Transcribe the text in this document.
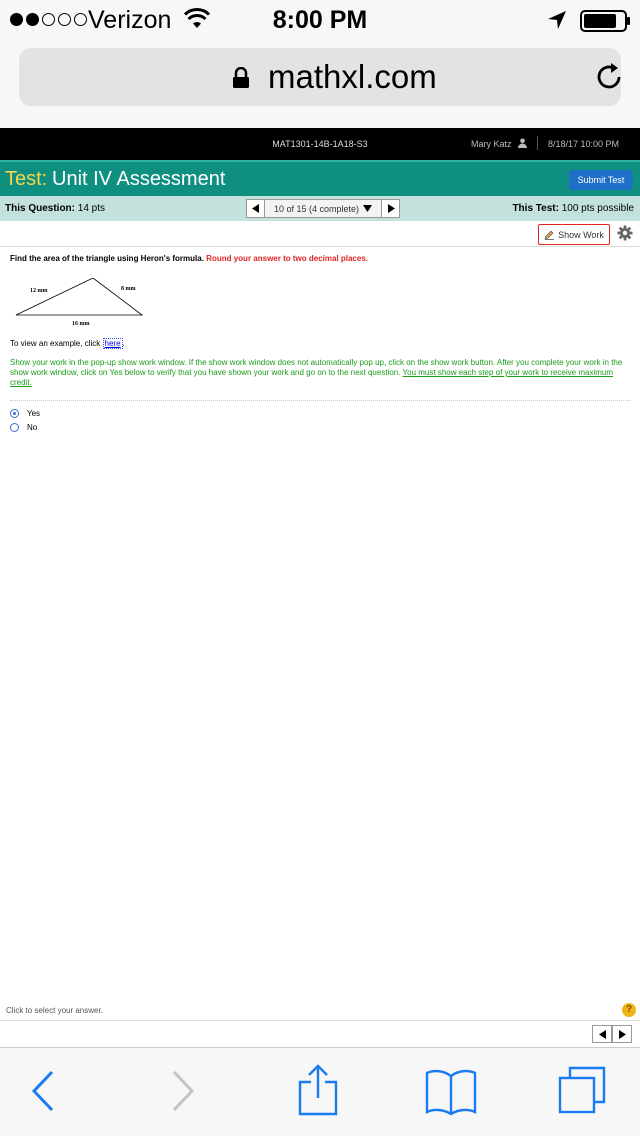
Verizon	8:00 PM
mathxl.com
MAT1301-14B-1A18-S3	Mary Katz	8/18/17 10:00 PM
Test: Unit IV Assessment	Submit Test
This Question: 14 pts	10 of 15 (4 complete)	This Test: 100 pts possible
Show Work
Find the area of the triangle using Heron's formula. Round your answer to two decimal places.
12 mm	8 mm
16 mm
To view an example, click here .
Show your work in the pop-up show work window. If the show work window does not automatically pop up, click on the show work button. After you complete your work in the show work window, click on Yes below to verify that you have shown your work and go on to the next question. You must show each step of your work to receive maximum credit.
Yes
No
Click to select your answer.	?
